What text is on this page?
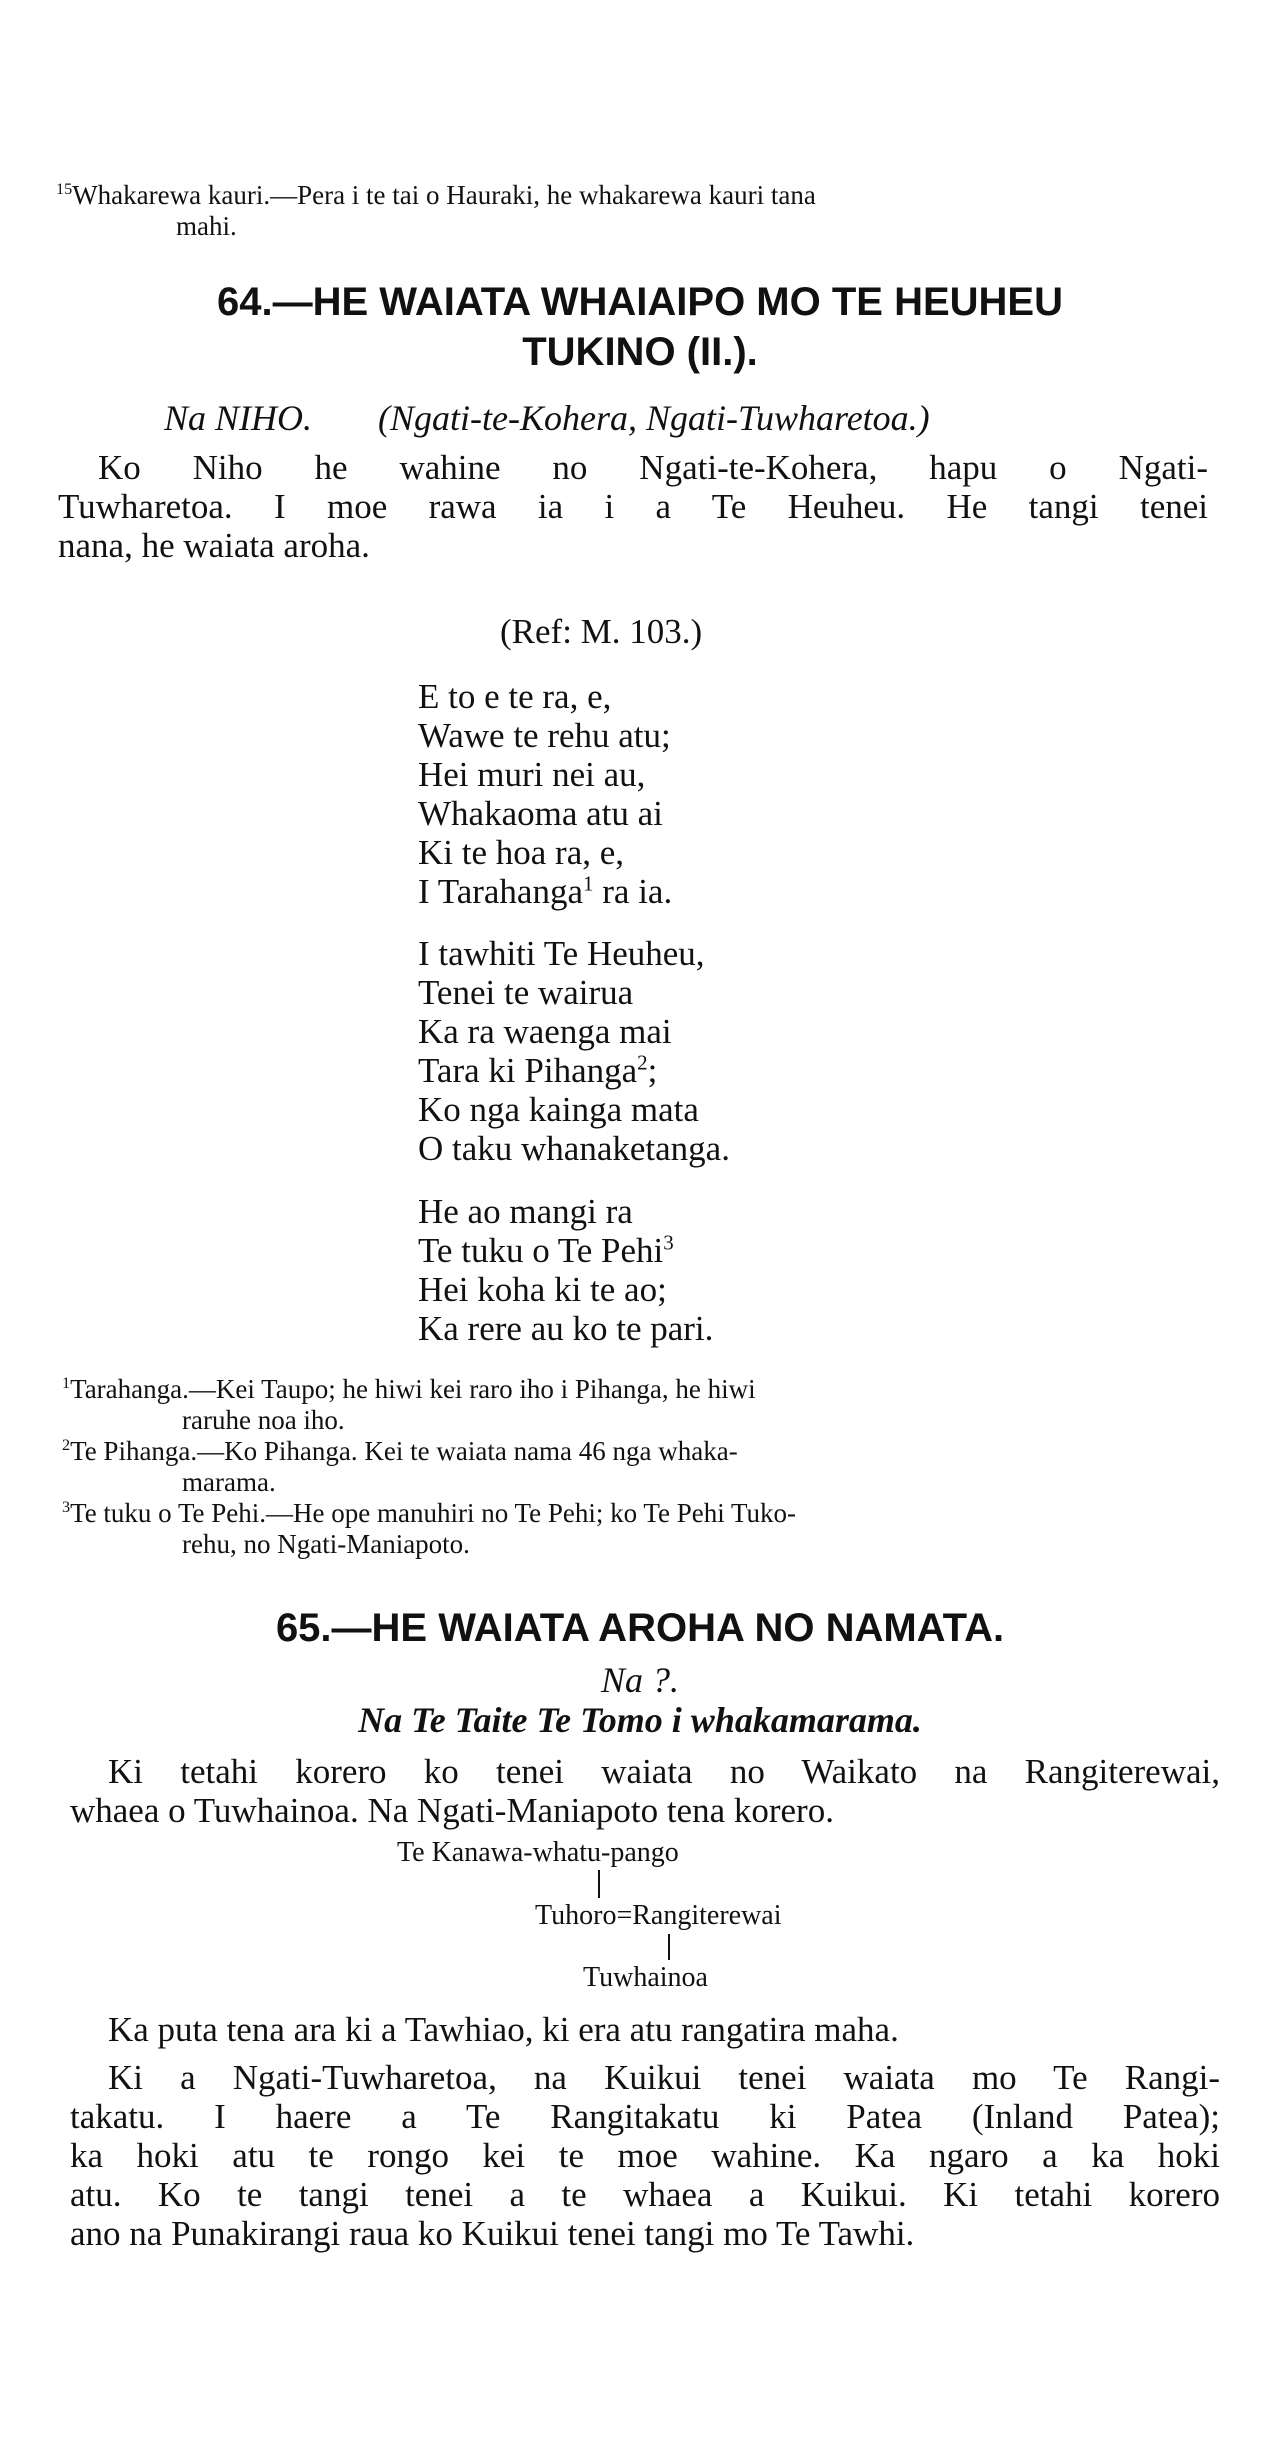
$^{15}$Whakarewa kauri.—Pera i te tai o Hauraki, he whakarewa kauri tana
mahi.
64.—HE WAIATA WHAIAIPO MO TE HEUHEU
TUKINO (II.).
Na NIHO. (Ngati-te-Kohera, Ngati-Tuwharetoa.)
Ko Niho he wahine no Ngati-te-Kohera, hapu o Ngati-
Tuwharetoa. I moe rawa ia i a Te Heuheu. He tangi tenei
nana, he waiata aroha.
(Ref: M. 103.)
E to e te ra, e,
Wawe te rehu atu;
Hei muri nei au,
Whakaoma atu ai
Ki te hoa ra, e,
I Tarahanga$^1$ ra ia.
I tawhiti Te Heuheu,
Tenei te wairua
Ka ra waenga mai
Tara ki Pihanga$^2$;
Ko nga kainga mata
O taku whanaketanga.
He ao mangi ra
Te tuku o Te Pehi$^3$
Hei koha ki te ao;
Ka rere au ko te pari.
$^1$Tarahanga.—Kei Taupo; he hiwi kei raro iho i Pihanga, he hiwi
raruhe noa iho.
$^2$Te Pihanga.—Ko Pihanga. Kei te waiata nama 46 nga whaka-
marama.
$^3$Te tuku o Te Pehi.—He ope manuhiri no Te Pehi; ko Te Pehi Tuko-
rehu, no Ngati-Maniapoto.
65.—HE WAIATA AROHA NO NAMATA.
Na ?.
Na Te Taite Te Tomo i whakamarama.
Ki tetahi korero ko tenei waiata no Waikato na Rangiterewai,
whaea o Tuwhainoa. Na Ngati-Maniapoto tena korero.
Te Kanawa-whatu-pango
Tuhoro=Rangiterewai
Tuwhainoa
Ka puta tena ara ki a Tawhiao, ki era atu rangatira maha.
Ki a Ngati-Tuwharetoa, na Kuikui tenei waiata mo Te Rangi-
takatu. I haere a Te Rangitakatu ki Patea (Inland Patea);
ka hoki atu te rongo kei te moe wahine. Ka ngaro a ka hoki
atu. Ko te tangi tenei a te whaea a Kuikui. Ki tetahi korero
ano na Punakirangi raua ko Kuikui tenei tangi mo Te Tawhi.
